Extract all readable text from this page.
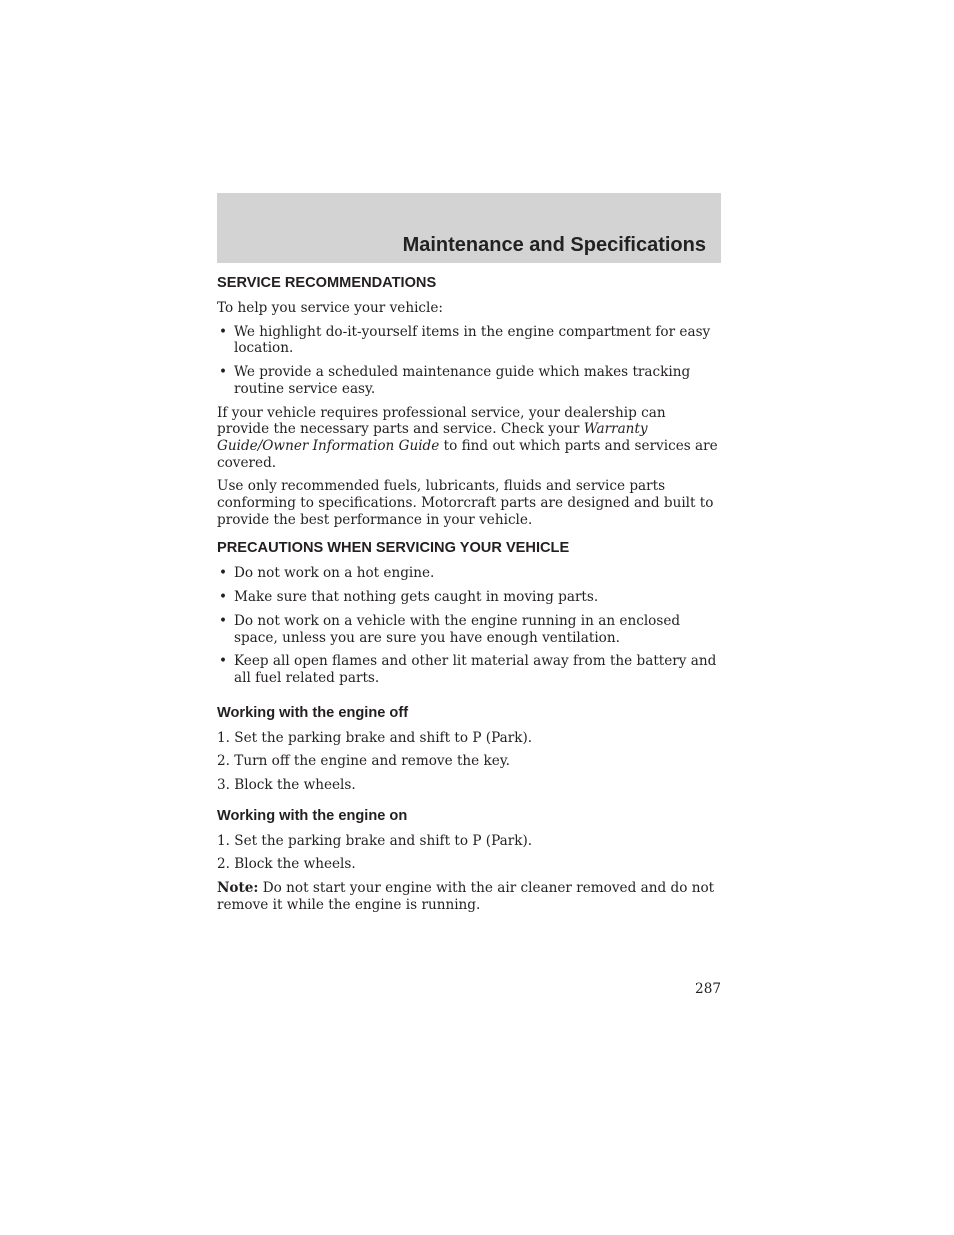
Maintenance and Specifications
SERVICE RECOMMENDATIONS
To help you service your vehicle:
• We highlight do-it-yourself items in the engine compartment for easy location.
• We provide a scheduled maintenance guide which makes tracking routine service easy.
If your vehicle requires professional service, your dealership can provide the necessary parts and service. Check your Warranty Guide/Owner Information Guide to find out which parts and services are covered.
Use only recommended fuels, lubricants, fluids and service parts conforming to specifications. Motorcraft parts are designed and built to provide the best performance in your vehicle.
PRECAUTIONS WHEN SERVICING YOUR VEHICLE
• Do not work on a hot engine.
• Make sure that nothing gets caught in moving parts.
• Do not work on a vehicle with the engine running in an enclosed space, unless you are sure you have enough ventilation.
• Keep all open flames and other lit material away from the battery and all fuel related parts.
Working with the engine off
1. Set the parking brake and shift to P (Park).
2. Turn off the engine and remove the key.
3. Block the wheels.
Working with the engine on
1. Set the parking brake and shift to P (Park).
2. Block the wheels.
Note: Do not start your engine with the air cleaner removed and do not remove it while the engine is running.
287
